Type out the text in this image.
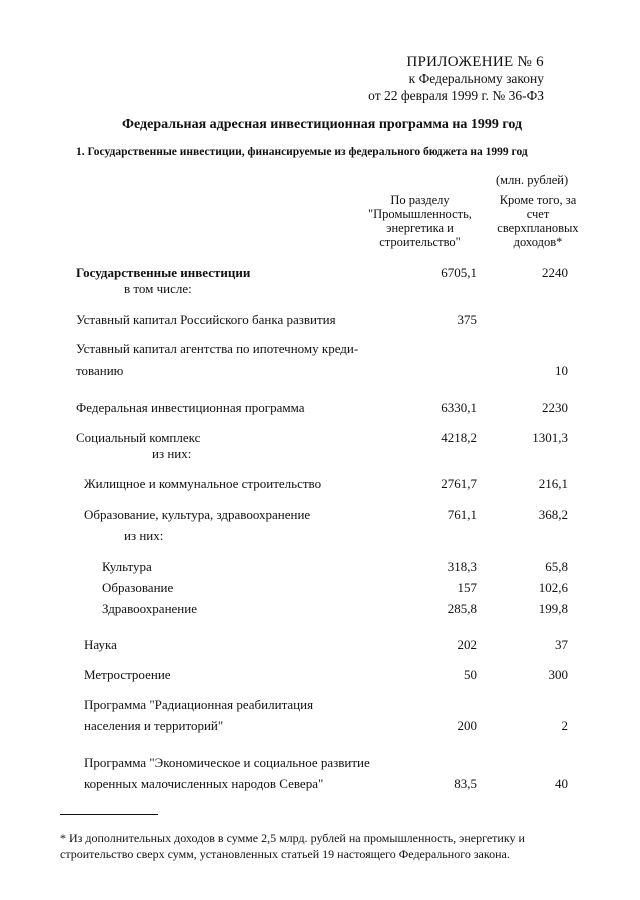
ПРИЛОЖЕНИЕ № 6
к Федеральному закону
от 22 февраля 1999 г. № 36-ФЗ
Федеральная адресная инвестиционная программа на 1999 год
1. Государственные инвестиции, финансируемые из федерального бюджета на 1999 год
(млн. рублей)
По разделу "Промышленность, энергетика и строительство"
Кроме того, за счет сверхплановых доходов*
Государственные инвестиции	6705,1	2240
в том числе:
Уставный капитал Российского банка развития	375
Уставный капитал агентства по ипотечному креди-
тованию	10
Федеральная инвестиционная программа	6330,1	2230
Социальный комплекс	4218,2	1301,3
из них:
Жилищное и коммунальное строительство	2761,7	216,1
Образование, культура, здравоохранение	761,1	368,2
из них:
Культура	318,3	65,8
Образование	157	102,6
Здравоохранение	285,8	199,8
Наука	202	37
Метростроение	50	300
Программа "Радиационная реабилитация
населения и территорий"	200	2
Программа "Экономическое и социальное развитие
коренных малочисленных народов Севера"	83,5	40
* Из дополнительных доходов в сумме 2,5 млрд. рублей на промышленность, энергетику и строительство сверх сумм, установленных статьей 19 настоящего Федерального закона.
